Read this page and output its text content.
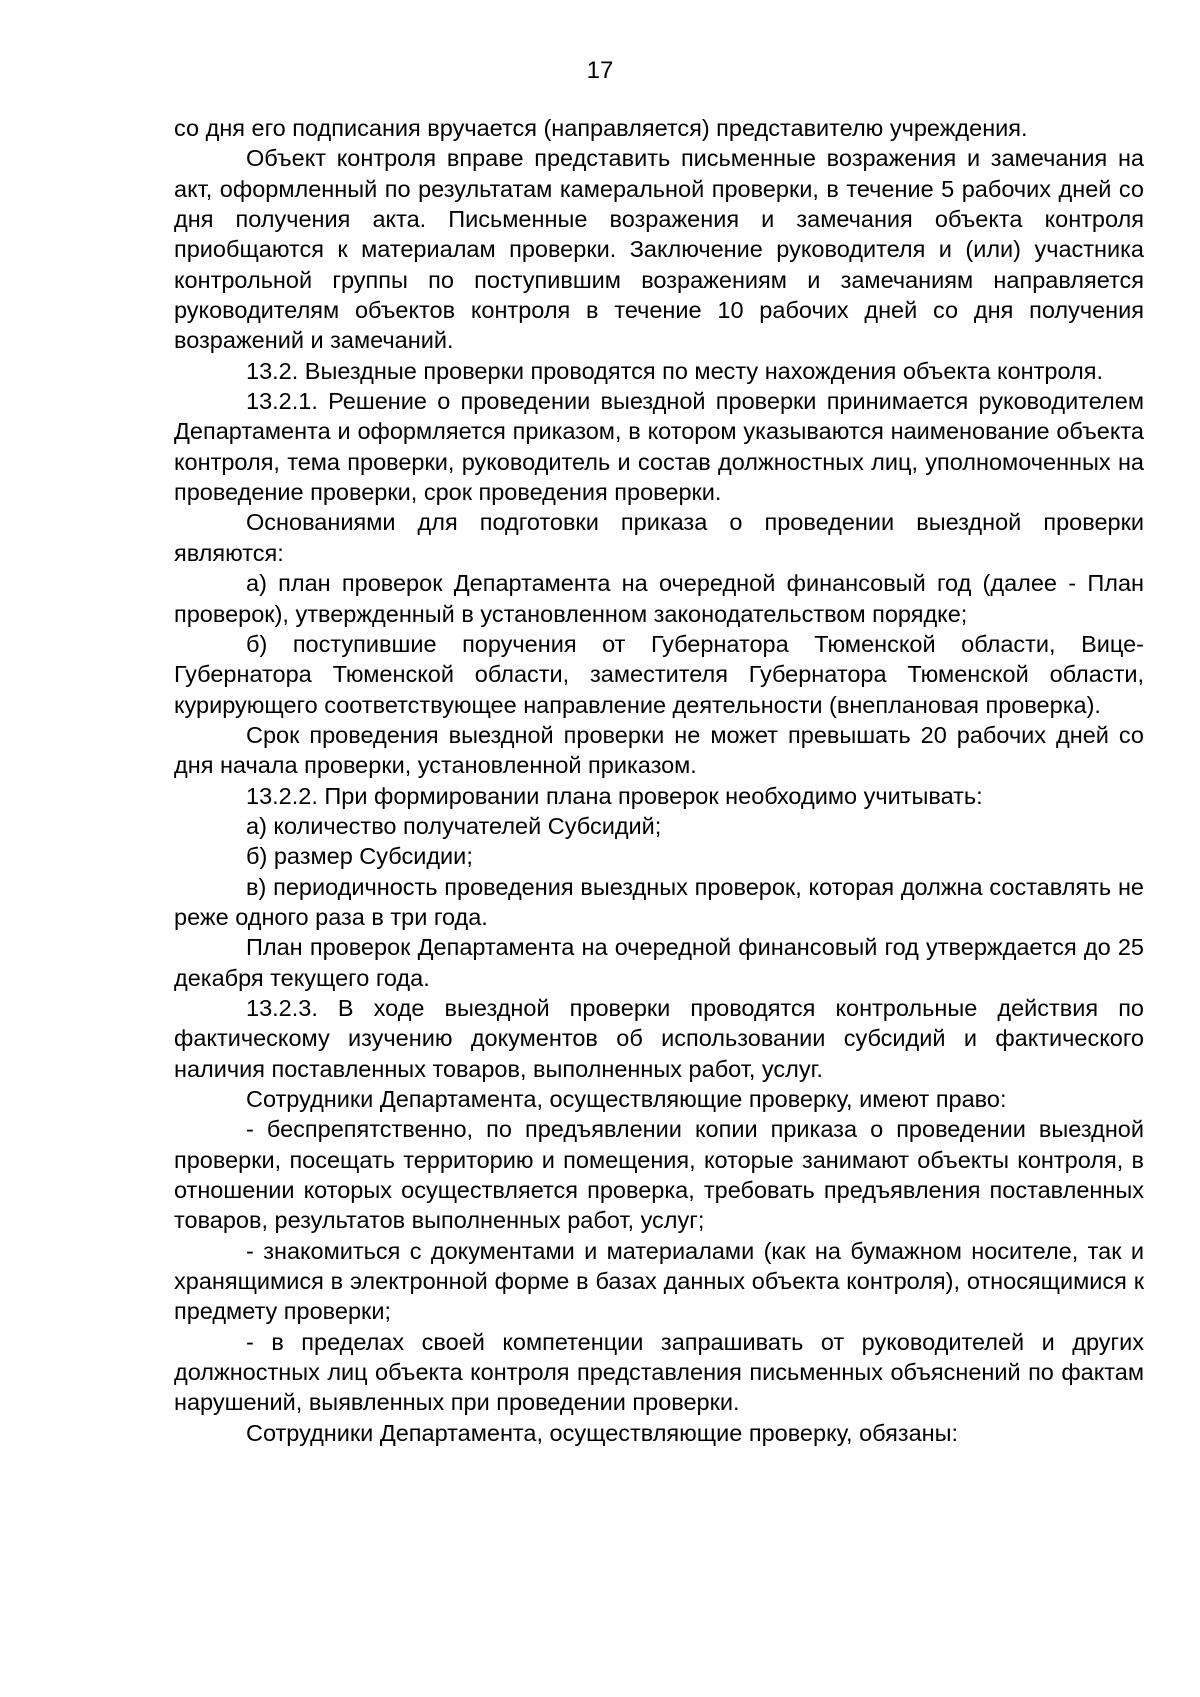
17

со дня его подписания вручается (направляется) представителю учреждения.

Объект контроля вправе представить письменные возражения и замечания на акт, оформленный по результатам камеральной проверки, в течение 5 рабочих дней со дня получения акта. Письменные возражения и замечания объекта контроля приобщаются к материалам проверки. Заключение руководителя и (или) участника контрольной группы по поступившим возражениям и замечаниям направляется руководителям объектов контроля в течение 10 рабочих дней со дня получения возражений и замечаний.

13.2. Выездные проверки проводятся по месту нахождения объекта контроля.

13.2.1. Решение о проведении выездной проверки принимается руководителем Департамента и оформляется приказом, в котором указываются наименование объекта контроля, тема проверки, руководитель и состав должностных лиц, уполномоченных на проведение проверки, срок проведения проверки.

Основаниями для подготовки приказа о проведении выездной проверки являются:

а) план проверок Департамента на очередной финансовый год (далее - План проверок), утвержденный в установленном законодательством порядке;

б) поступившие поручения от Губернатора Тюменской области, Вице-Губернатора Тюменской области, заместителя Губернатора Тюменской области, курирующего соответствующее направление деятельности (внеплановая проверка).

Срок проведения выездной проверки не может превышать 20 рабочих дней со дня начала проверки, установленной приказом.

13.2.2. При формировании плана проверок необходимо учитывать:

а) количество получателей Субсидий;

б) размер Субсидии;

в) периодичность проведения выездных проверок, которая должна составлять не реже одного раза в три года.

План проверок Департамента на очередной финансовый год утверждается до 25 декабря текущего года.

13.2.3. В ходе выездной проверки проводятся контрольные действия по фактическому изучению документов об использовании субсидий и фактического наличия поставленных товаров, выполненных работ, услуг.

Сотрудники Департамента, осуществляющие проверку, имеют право:

- беспрепятственно, по предъявлении копии приказа о проведении выездной проверки, посещать территорию и помещения, которые занимают объекты контроля, в отношении которых осуществляется проверка, требовать предъявления поставленных товаров, результатов выполненных работ, услуг;

- знакомиться с документами и материалами (как на бумажном носителе, так и хранящимися в электронной форме в базах данных объекта контроля), относящимися к предмету проверки;

- в пределах своей компетенции запрашивать от руководителей и других должностных лиц объекта контроля представления письменных объяснений по фактам нарушений, выявленных при проведении проверки.

Сотрудники Департамента, осуществляющие проверку, обязаны:
